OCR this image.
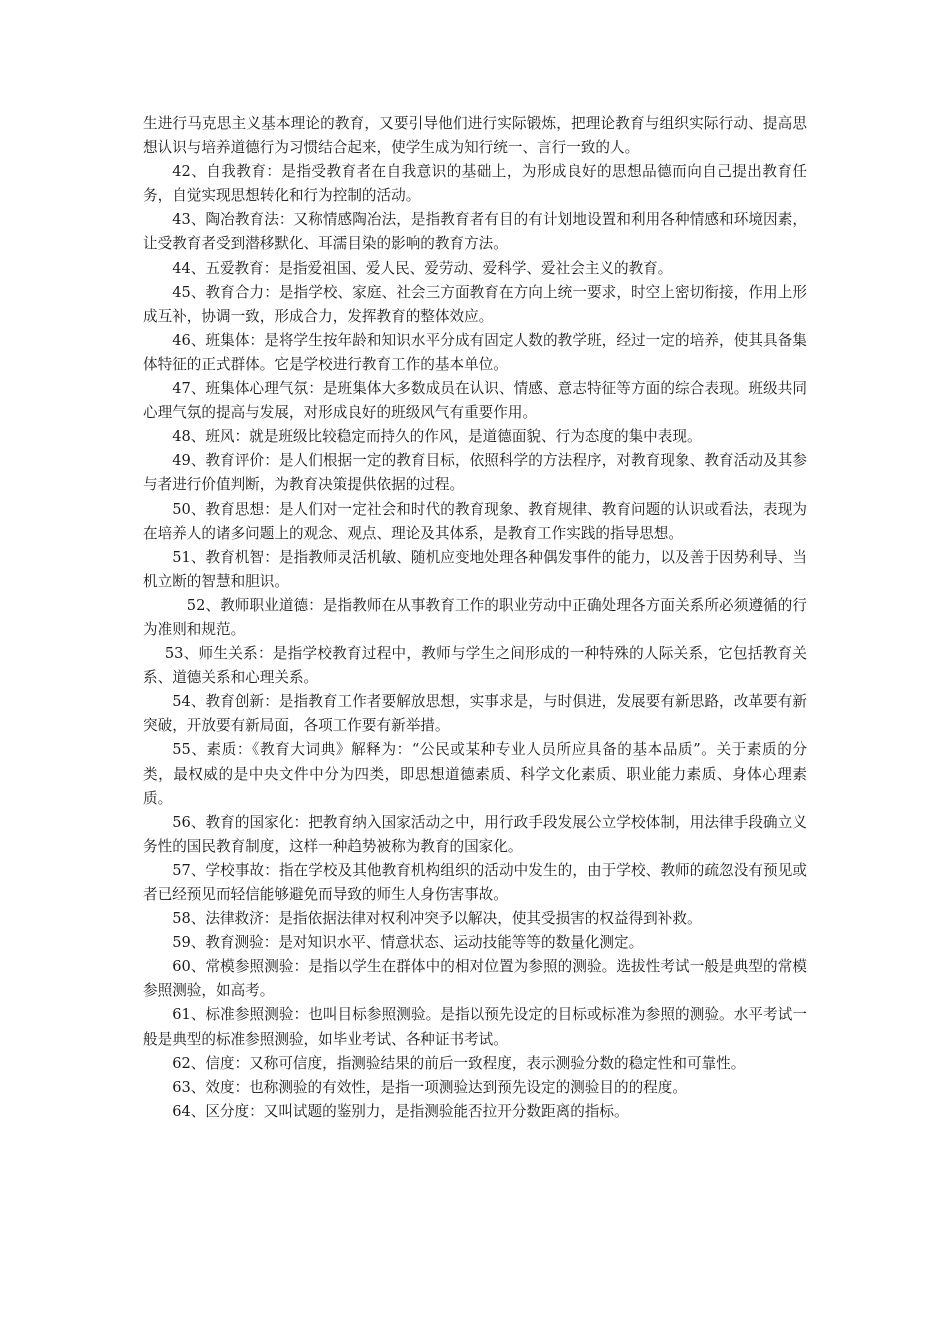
生进行马克思主义基本理论的教育，又要引导他们进行实际锻炼，把理论教育与组织实际行动、提高思想认识与培养道德行为习惯结合起来，使学生成为知行统一、言行一致的人。

42、自我教育：是指受教育者在自我意识的基础上，为形成良好的思想品德而向自己提出教育任务，自觉实现思想转化和行为控制的活动。

43、陶冶教育法：又称情感陶冶法，是指教育者有目的有计划地设置和利用各种情感和环境因素，让受教育者受到潜移默化、耳濡目染的影响的教育方法。

44、五爱教育：是指爱祖国、爱人民、爱劳动、爱科学、爱社会主义的教育。

45、教育合力：是指学校、家庭、社会三方面教育在方向上统一要求，时空上密切衔接，作用上形成互补，协调一致，形成合力，发挥教育的整体效应。

46、班集体：是将学生按年龄和知识水平分成有固定人数的教学班，经过一定的培养，使其具备集体特征的正式群体。它是学校进行教育工作的基本单位。

47、班集体心理气氛：是班集体大多数成员在认识、情感、意志特征等方面的综合表现。班级共同心理气氛的提高与发展，对形成良好的班级风气有重要作用。

48、班风：就是班级比较稳定而持久的作风，是道德面貌、行为态度的集中表现。

49、教育评价：是人们根据一定的教育目标，依照科学的方法程序，对教育现象、教育活动及其参与者进行价值判断，为教育决策提供依据的过程。

50、教育思想：是人们对一定社会和时代的教育现象、教育规律、教育问题的认识或看法，表现为在培养人的诸多问题上的观念、观点、理论及其体系，是教育工作实践的指导思想。

51、教育机智：是指教师灵活机敏、随机应变地处理各种偶发事件的能力，以及善于因势利导、当机立断的智慧和胆识。

52、教师职业道德：是指教师在从事教育工作的职业劳动中正确处理各方面关系所必须遵循的行为准则和规范。

53、师生关系：是指学校教育过程中，教师与学生之间形成的一种特殊的人际关系，它包括教育关系、道德关系和心理关系。

54、教育创新：是指教育工作者要解放思想，实事求是，与时俱进，发展要有新思路，改革要有新突破，开放要有新局面，各项工作要有新举措。

55、素质：《教育大词典》解释为：“公民或某种专业人员所应具备的基本品质”。关于素质的分类，最权威的是中央文件中分为四类，即思想道德素质、科学文化素质、职业能力素质、身体心理素质。

56、教育的国家化：把教育纳入国家活动之中，用行政手段发展公立学校体制，用法律手段确立义务性的国民教育制度，这样一种趋势被称为教育的国家化。

57、学校事故：指在学校及其他教育机构组织的活动中发生的，由于学校、教师的疏忽没有预见或者已经预见而轻信能够避免而导致的师生人身伤害事故。

58、法律救济：是指依据法律对权利冲突予以解决，使其受损害的权益得到补救。

59、教育测验：是对知识水平、情意状态、运动技能等等的数量化测定。

60、常模参照测验：是指以学生在群体中的相对位置为参照的测验。选拔性考试一般是典型的常模参照测验，如高考。

61、标准参照测验：也叫目标参照测验。是指以预先设定的目标或标准为参照的测验。水平考试一般是典型的标准参照测验，如毕业考试、各种证书考试。

62、信度：又称可信度，指测验结果的前后一致程度，表示测验分数的稳定性和可靠性。

63、效度：也称测验的有效性，是指一项测验达到预先设定的测验目的的程度。

64、区分度：又叫试题的鉴别力，是指测验能否拉开分数距离的指标。
